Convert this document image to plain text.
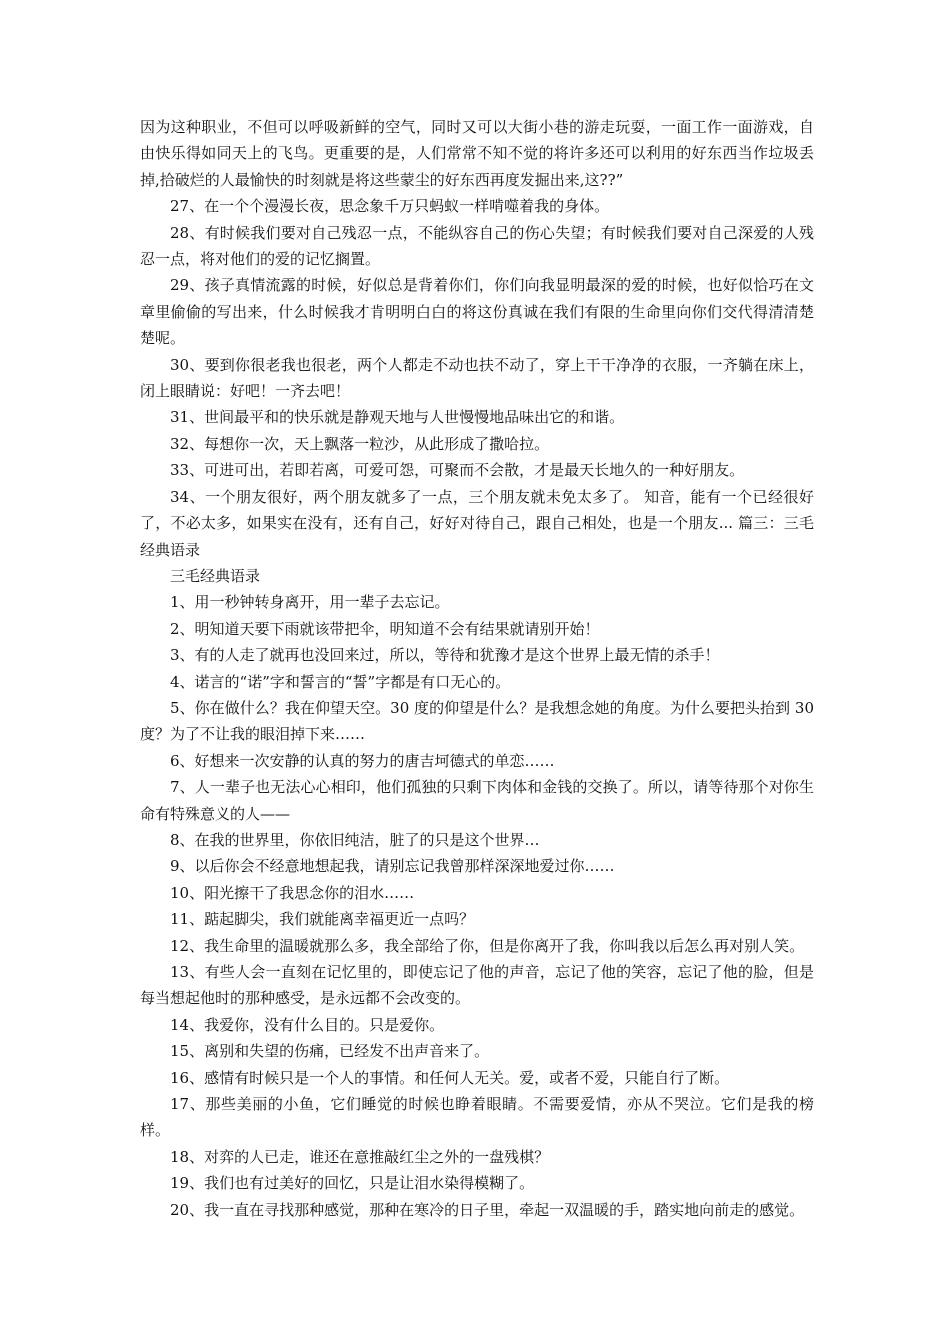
因为这种职业，不但可以呼吸新鲜的空气，同时又可以大街小巷的游走玩耍，一面工作一面游戏，自由快乐得如同天上的飞鸟。更重要的是，人们常常不知不觉的将许多还可以利用的好东西当作垃圾丢掉,拾破烂的人最愉快的时刻就是将这些蒙尘的好东西再度发掘出来,这??”

27、在一个个漫漫长夜，思念象千万只蚂蚁一样啃噬着我的身体。

28、有时候我们要对自己残忍一点，不能纵容自己的伤心失望；有时候我们要对自己深爱的人残忍一点，将对他们的爱的记忆搁置。

29、孩子真情流露的时候，好似总是背着你们，你们向我显明最深的爱的时候，也好似恰巧在文章里偷偷的写出来，什么时候我才肯明明白白的将这份真诚在我们有限的生命里向你们交代得清清楚楚呢。

30、要到你很老我也很老，两个人都走不动也扶不动了，穿上干干净净的衣服，一齐躺在床上，闭上眼睛说：好吧！一齐去吧！

31、世间最平和的快乐就是静观天地与人世慢慢地品味出它的和谐。

32、每想你一次，天上飘落一粒沙，从此形成了撒哈拉。

33、可进可出，若即若离，可爱可怨，可聚而不会散，才是最天长地久的一种好朋友。

34、一个朋友很好，两个朋友就多了一点，三个朋友就未免太多了。 知音，能有一个已经很好了，不必太多，如果实在没有，还有自己，好好对待自己，跟自己相处，也是一个朋友... 篇三：三毛经典语录

三毛经典语录

1、用一秒钟转身离开，用一辈子去忘记。

2、明知道天要下雨就该带把伞，明知道不会有结果就请别开始！

3、有的人走了就再也没回来过，所以，等待和犹豫才是这个世界上最无情的杀手！

4、诺言的“诺”字和誓言的“誓”字都是有口无心的。

5、你在做什么？我在仰望天空。30 度的仰望是什么？是我想念她的角度。为什么要把头抬到 30 度？为了不让我的眼泪掉下来……

6、好想来一次安静的认真的努力的唐吉坷德式的单恋……

7、人一辈子也无法心心相印，他们孤独的只剩下肉体和金钱的交换了。所以，请等待那个对你生命有特殊意义的人——

8、在我的世界里，你依旧纯洁，脏了的只是这个世界…

9、以后你会不经意地想起我，请别忘记我曾那样深深地爱过你……

10、阳光擦干了我思念你的泪水……

11、踮起脚尖，我们就能离幸福更近一点吗？

12、我生命里的温暖就那么多，我全部给了你，但是你离开了我，你叫我以后怎么再对别人笑。

13、有些人会一直刻在记忆里的，即使忘记了他的声音，忘记了他的笑容，忘记了他的脸，但是每当想起他时的那种感受，是永远都不会改变的。

14、我爱你，没有什么目的。只是爱你。

15、离别和失望的伤痛，已经发不出声音来了。

16、感情有时候只是一个人的事情。和任何人无关。爱，或者不爱，只能自行了断。

17、那些美丽的小鱼，它们睡觉的时候也睁着眼睛。不需要爱情，亦从不哭泣。它们是我的榜样。

18、对弈的人已走，谁还在意推敲红尘之外的一盘残棋？

19、我们也有过美好的回忆，只是让泪水染得模糊了。

20、我一直在寻找那种感觉，那种在寒冷的日子里，牵起一双温暖的手，踏实地向前走的感觉。
